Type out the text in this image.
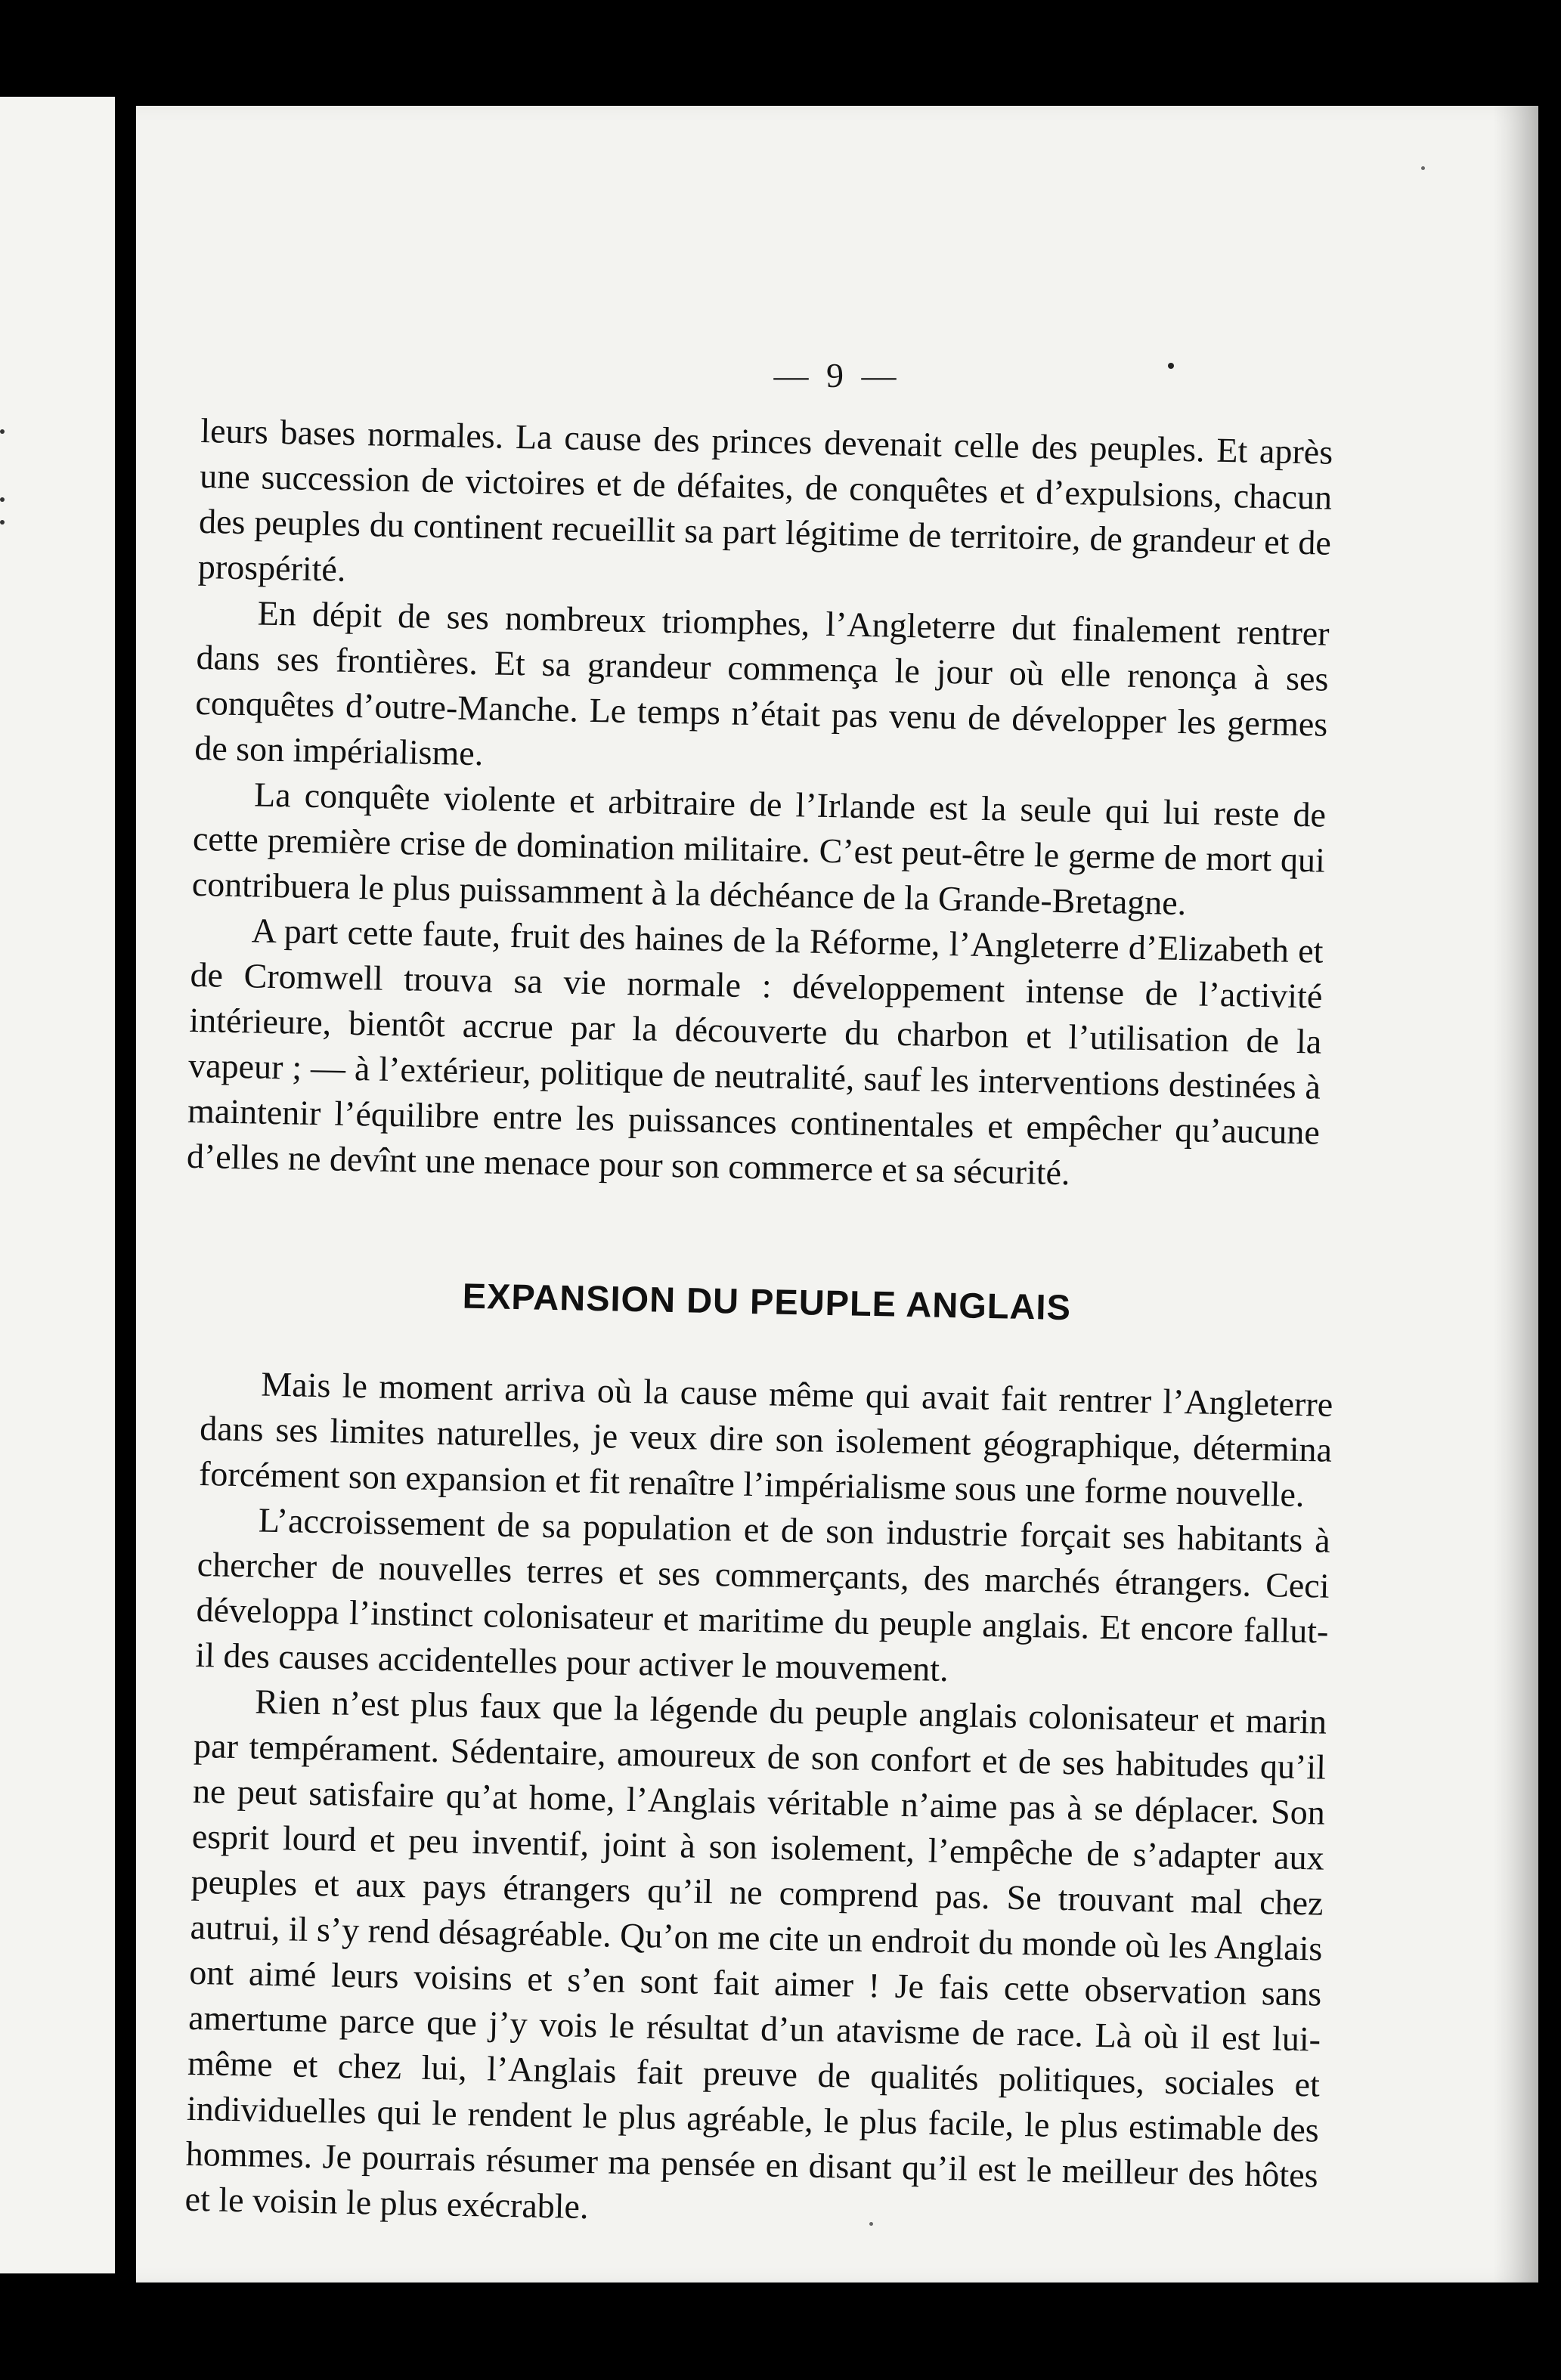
— 9 —

leurs bases normales. La cause des princes devenait celle des peuples. Et après une succession de victoires et de défaites, de conquêtes et d’expulsions, chacun des peuples du continent recueillit sa part légitime de territoire, de grandeur et de prospérité.

En dépit de ses nombreux triomphes, l’Angleterre dut finalement rentrer dans ses frontières. Et sa grandeur commença le jour où elle renonça à ses conquêtes d’outre-Manche. Le temps n’était pas venu de développer les germes de son impérialisme.

La conquête violente et arbitraire de l’Irlande est la seule qui lui reste de cette première crise de domination militaire. C’est peut-être le germe de mort qui contribuera le plus puissamment à la déchéance de la Grande-Bretagne.

A part cette faute, fruit des haines de la Réforme, l’Angleterre d’Elizabeth et de Cromwell trouva sa vie normale : développement intense de l’activité intérieure, bientôt accrue par la découverte du charbon et l’utilisation de la vapeur ; — à l’extérieur, politique de neutralité, sauf les interventions destinées à maintenir l’équilibre entre les puissances continentales et empêcher qu’aucune d’elles ne devînt une menace pour son commerce et sa sécurité.

EXPANSION DU PEUPLE ANGLAIS

Mais le moment arriva où la cause même qui avait fait rentrer l’Angleterre dans ses limites naturelles, je veux dire son isolement géographique, détermina forcément son expansion et fit renaître l’impérialisme sous une forme nouvelle.

L’accroissement de sa population et de son industrie forçait ses habitants à chercher de nouvelles terres et ses commerçants, des marchés étrangers. Ceci développa l’instinct colonisateur et maritime du peuple anglais. Et encore fallut-il des causes accidentelles pour activer le mouvement.

Rien n’est plus faux que la légende du peuple anglais colonisateur et marin par tempérament. Sédentaire, amoureux de son confort et de ses habitudes qu’il ne peut satisfaire qu’at home, l’Anglais véritable n’aime pas à se déplacer. Son esprit lourd et peu inventif, joint à son isolement, l’empêche de s’adapter aux peuples et aux pays étrangers qu’il ne comprend pas. Se trouvant mal chez autrui, il s’y rend désagréable. Qu’on me cite un endroit du monde où les Anglais ont aimé leurs voisins et s’en sont fait aimer ! Je fais cette observation sans amertume parce que j’y vois le résultat d’un atavisme de race. Là où il est lui-même et chez lui, l’Anglais fait preuve de qualités politiques, sociales et individuelles qui le rendent le plus agréable, le plus facile, le plus estimable des hommes. Je pourrais résumer ma pensée en disant qu’il est le meilleur des hôtes et le voisin le plus exécrable.
